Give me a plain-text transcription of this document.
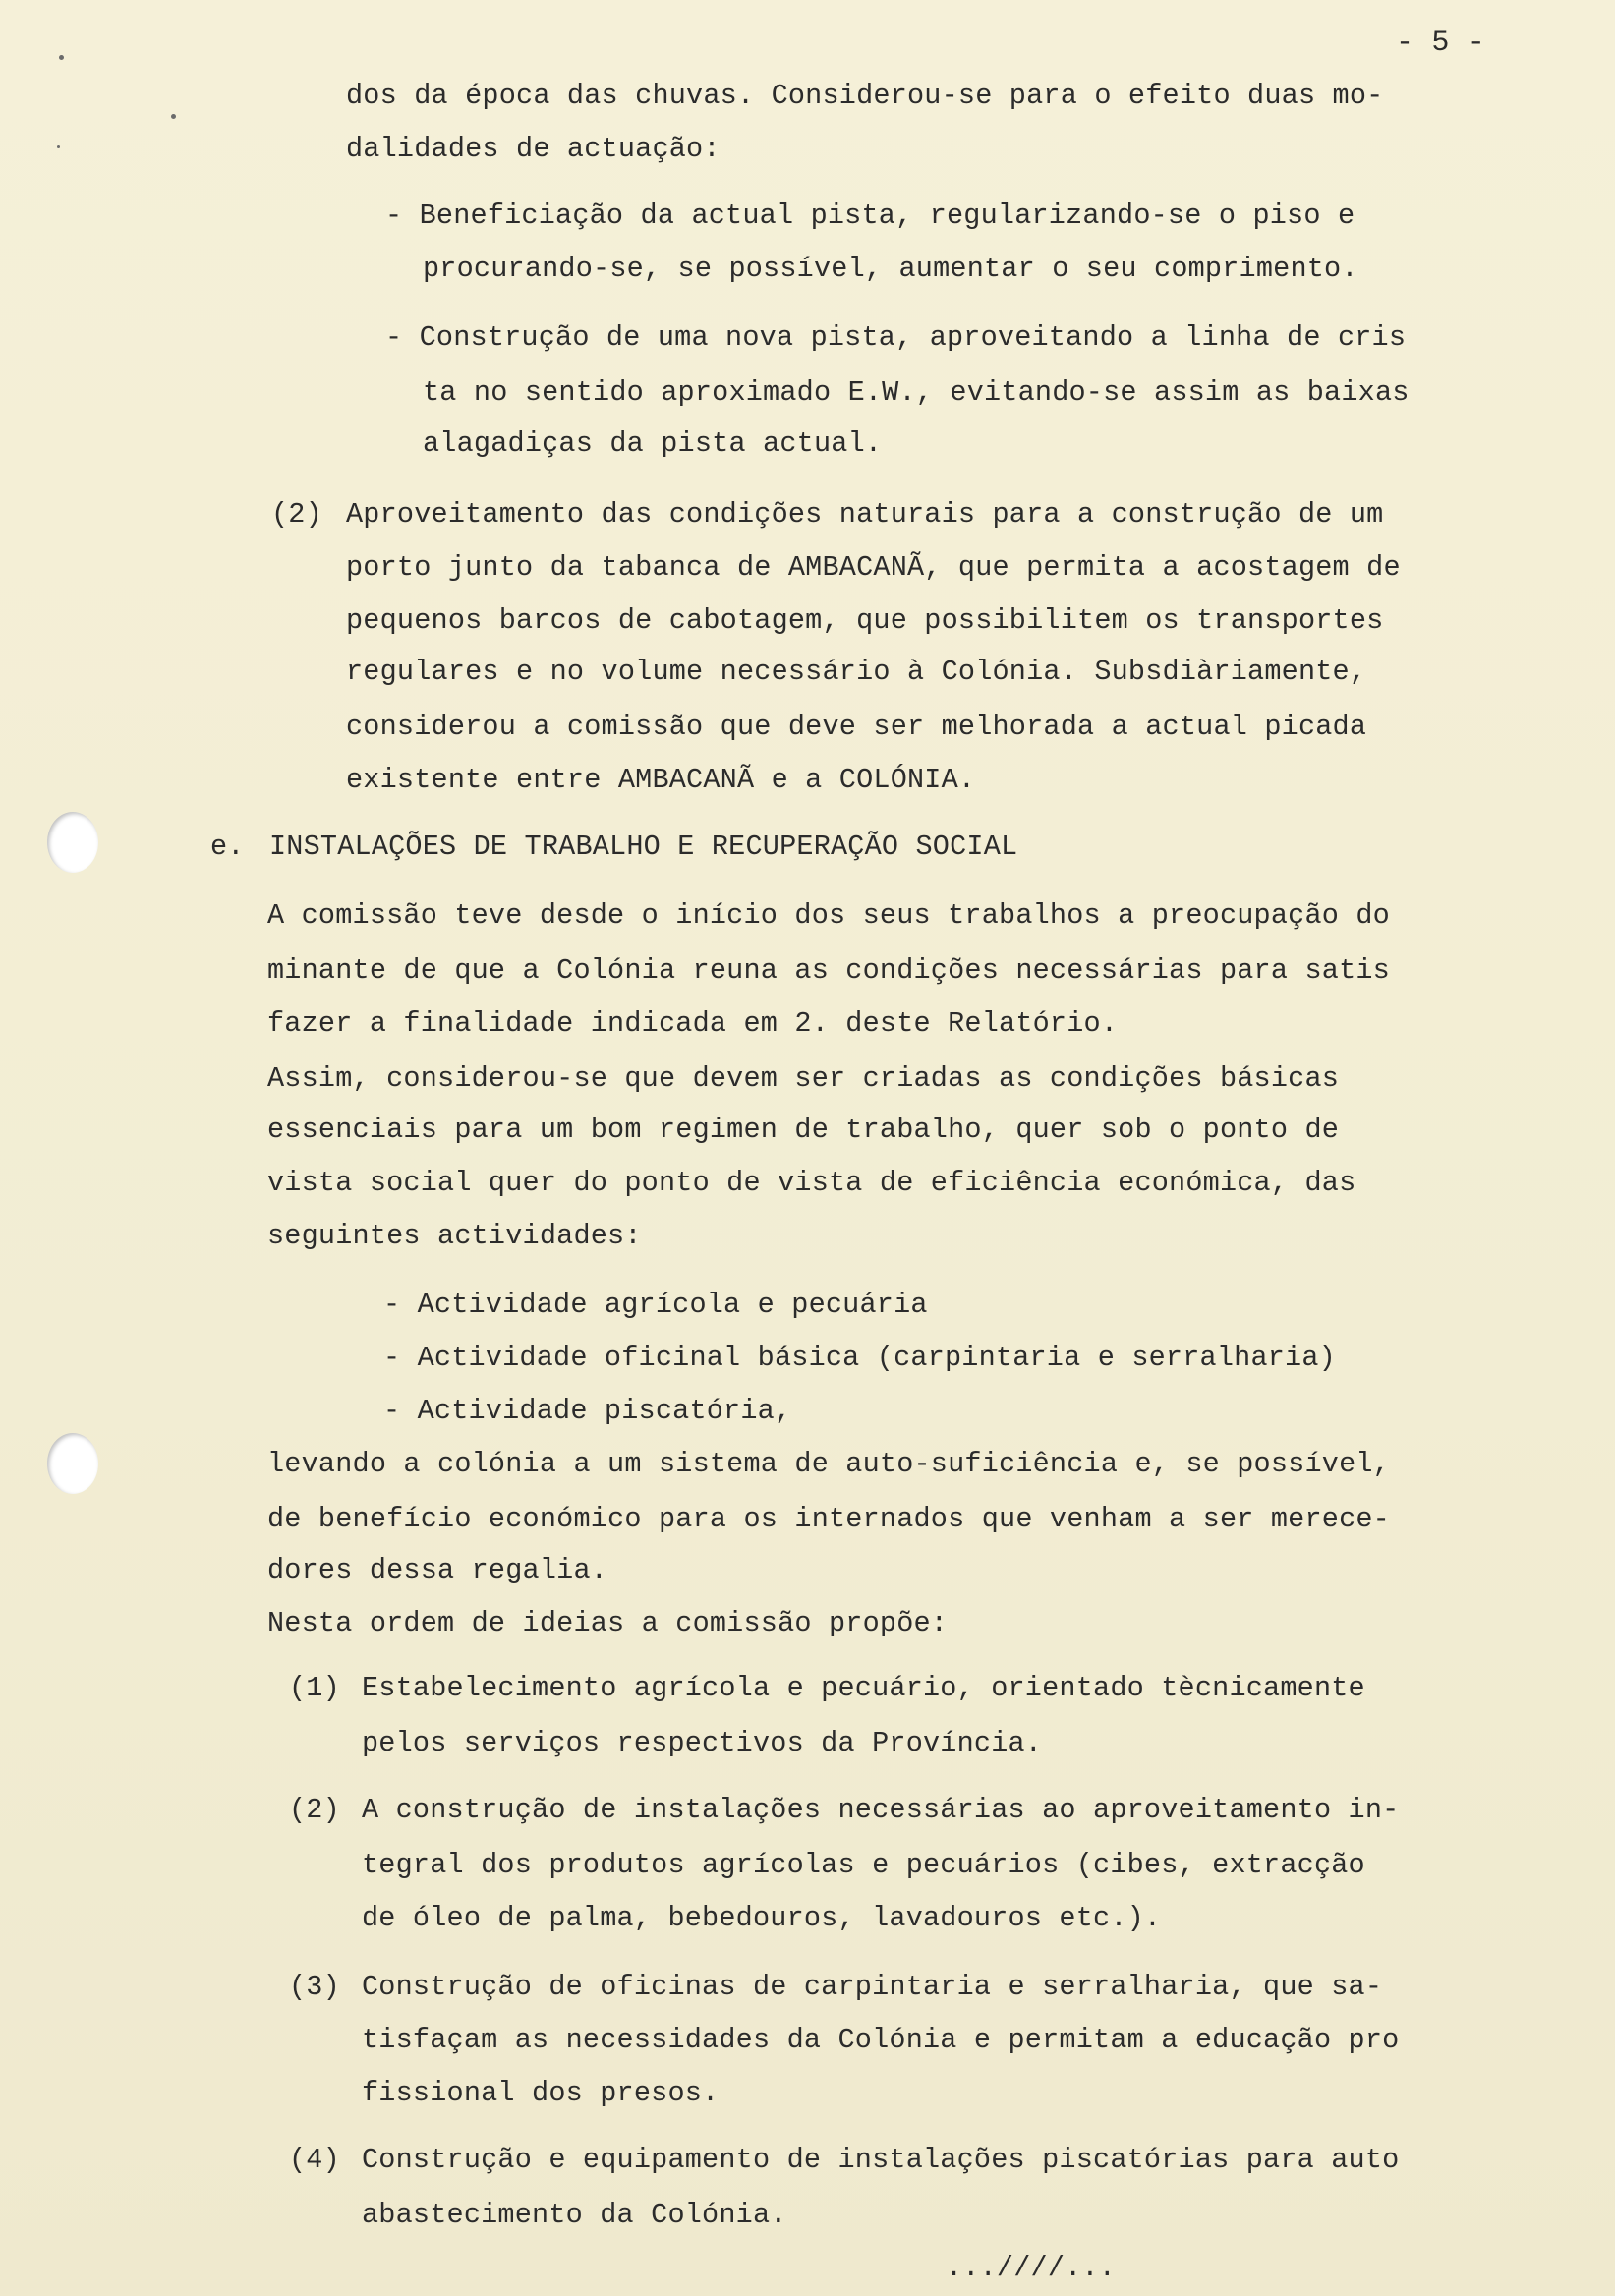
- 5 -
dos da época das chuvas. Considerou-se para o efeito duas mo-
dalidades de actuação:
- Beneficiação da actual pista, regularizando-se o piso e
procurando-se, se possível, aumentar o seu comprimento.
- Construção de uma nova pista, aproveitando a linha de cris
ta no sentido aproximado E.W., evitando-se assim as baixas
alagadiças da pista actual.
(2) Aproveitamento das condições naturais para a construção de um
porto junto da tabanca de AMBACANÃ, que permita a acostagem de
pequenos barcos de cabotagem, que possibilitem os transportes
regulares e no volume necessário à Colónia. Subsdiàriamente,
considerou a comissão que deve ser melhorada a actual picada
existente entre AMBACANÃ e a COLÓNIA.
e. INSTALAÇÕES DE TRABALHO E RECUPERAÇÃO SOCIAL
A comissão teve desde o início dos seus trabalhos a preocupação do
minante de que a Colónia reuna as condições necessárias para satis
fazer a finalidade indicada em 2. deste Relatório.
Assim, considerou-se que devem ser criadas as condições básicas
essenciais para um bom regimen de trabalho, quer sob o ponto de
vista social quer do ponto de vista de eficiência económica, das
seguintes actividades:
- Actividade agrícola e pecuária
- Actividade oficinal básica (carpintaria e serralharia)
- Actividade piscatória,
levando a colónia a um sistema de auto-suficiência e, se possível,
de benefício económico para os internados que venham a ser merece-
dores dessa regalia.
Nesta ordem de ideias a comissão propõe:
(1) Estabelecimento agrícola e pecuário, orientado tècnicamente
pelos serviços respectivos da Província.
(2) A construção de instalações necessárias ao aproveitamento in-
tegral dos produtos agrícolas e pecuários (cibes, extracção
de óleo de palma, bebedouros, lavadouros etc.).
(3) Construção de oficinas de carpintaria e serralharia, que sa-
tisfaçam as necessidades da Colónia e permitam a educação pro
fissional dos presos.
(4) Construção e equipamento de instalações piscatórias para auto
abastecimento da Colónia.
...////...
